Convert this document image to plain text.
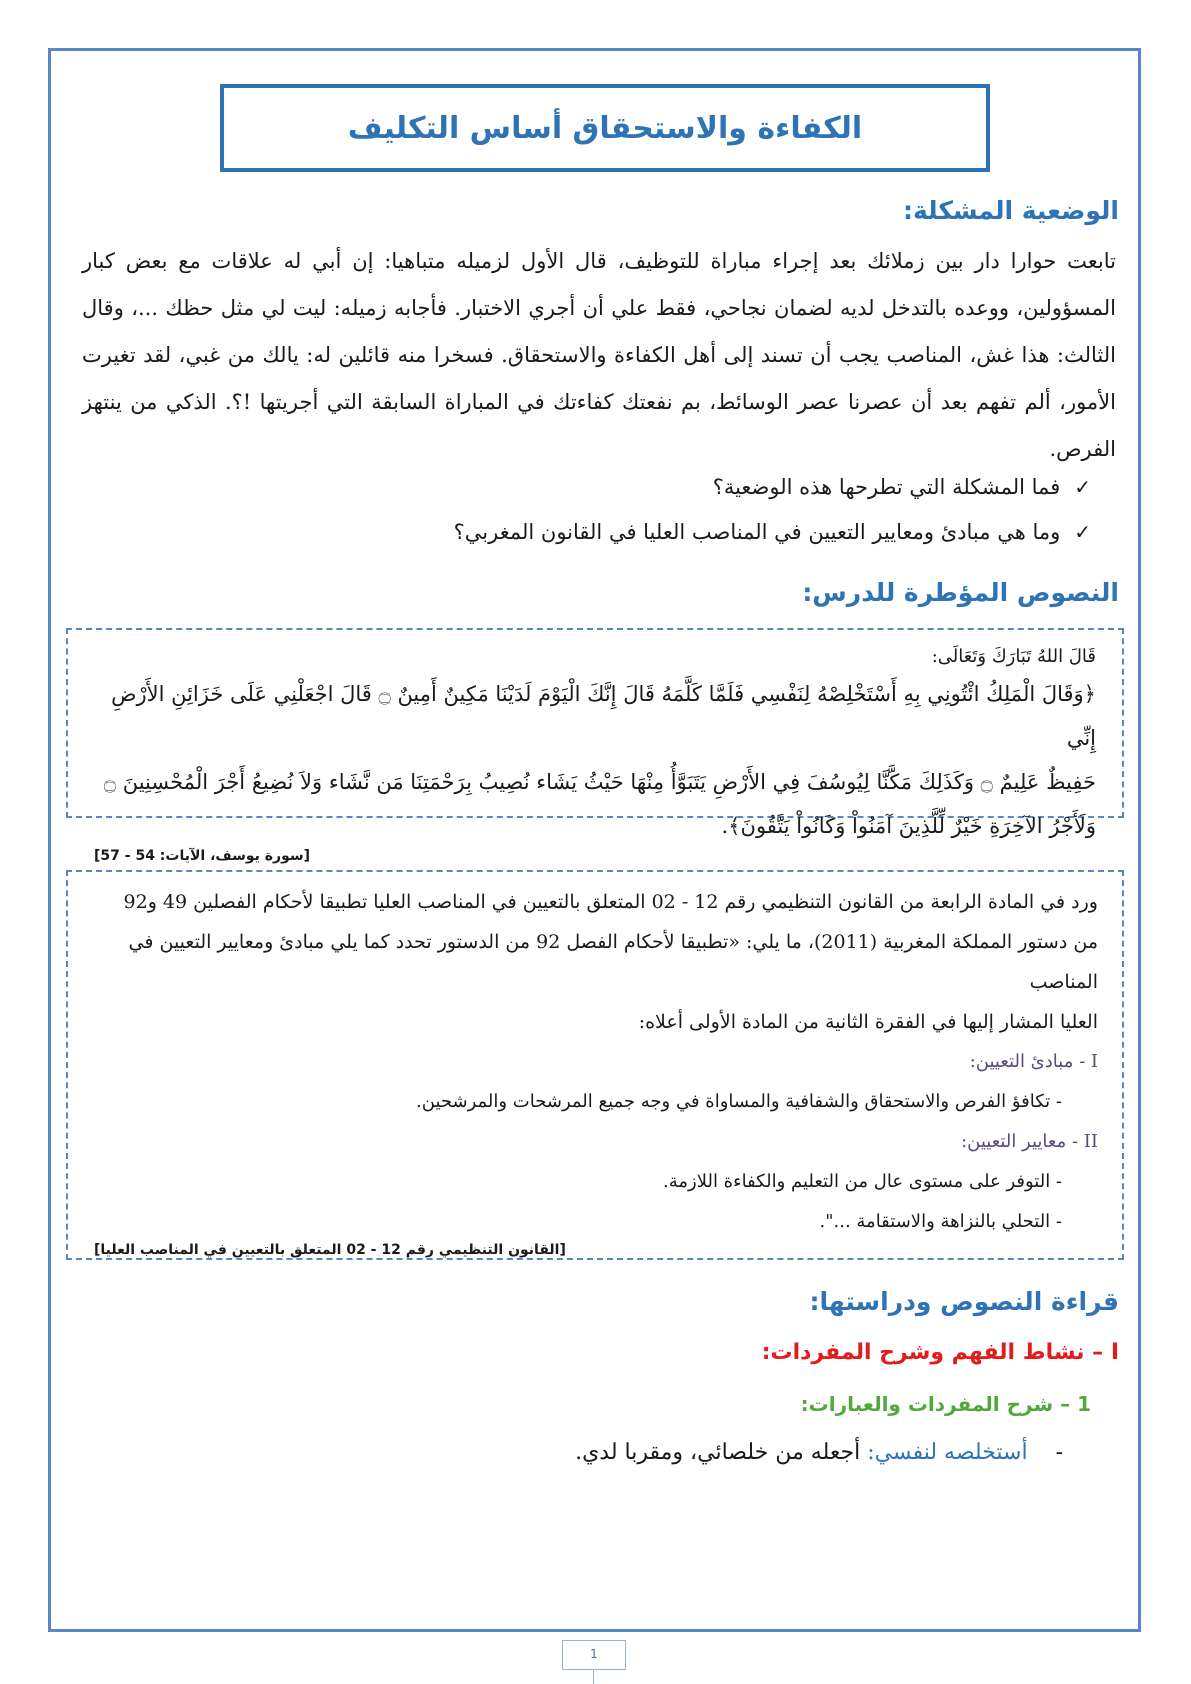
الكفاءة والاستحقاق أساس التكليف
الوضعية المشكلة:
تابعت حوارا دار بين زملائك بعد إجراء مباراة للتوظيف، قال الأول لزميله متباهيا: إن أبي له علاقات مع بعض كبار المسؤولين، ووعده بالتدخل لديه لضمان نجاحي، فقط علي أن أجري الاختبار. فأجابه زميله: ليت لي مثل حظك ...، وقال الثالث: هذا غش، المناصب يجب أن تسند إلى أهل الكفاءة والاستحقاق. فسخرا منه قائلين له: يالك من غبي، لقد تغيرت الأمور، ألم تفهم بعد أن عصرنا عصر الوسائط، بم نفعتك كفاءتك في المباراة السابقة التي أجريتها !؟. الذكي من ينتهز الفرص.
✓
فما المشكلة التي تطرحها هذه الوضعية؟
✓
وما هي مبادئ ومعايير التعيين في المناصب العليا في القانون المغربي؟
النصوص المؤطرة للدرس:
قَالَ اللهُ تَبَارَكَ وَتَعَالَى:
﴿وَقَالَ الْمَلِكُ ائْتُونِي بِهِ أَسْتَخْلِصْهُ لِنَفْسِي فَلَمَّا كَلَّمَهُ قَالَ إِنَّكَ الْيَوْمَ لَدَيْنَا مَكِينٌ أَمِينٌ ۝ قَالَ اجْعَلْنِي عَلَى خَزَائِنِ الأَرْضِ إِنِّي
حَفِيظٌ عَلِيمٌ ۝ وَكَذَلِكَ مَكَّنَّا لِيُوسُفَ فِي الأَرْضِ يَتَبَوَّأُ مِنْهَا حَيْثُ يَشَاء نُصِيبُ بِرَحْمَتِنَا مَن نَّشَاء وَلاَ نُضِيعُ أَجْرَ الْمُحْسِنِينَ ۝
وَلَأَجْرُ الآخِرَةِ خَيْرٌ لِّلَّذِينَ آمَنُواْ وَكَانُواْ يَتَّقُونَ﴾.
[سورة يوسف، الآيات: 54 - 57]
ورد في المادة الرابعة من القانون التنظيمي رقم 12 - 02 المتعلق بالتعيين في المناصب العليا تطبيقا لأحكام الفصلين 49 و92
من دستور المملكة المغربية (2011)، ما يلي: «تطبيقا لأحكام الفصل 92 من الدستور تحدد كما يلي مبادئ ومعايير التعيين في المناصب
العليا المشار إليها في الفقرة الثانية من المادة الأولى أعلاه:
I - مبادئ التعيين:
- تكافؤ الفرص والاستحقاق والشفافية والمساواة في وجه جميع المرشحات والمرشحين.
II - معايير التعيين:
- التوفر على مستوى عال من التعليم والكفاءة اللازمة.
- التحلي بالنزاهة والاستقامة ...".
[القانون التنظيمي رقم 12 - 02 المتعلق بالتعيين في المناصب العليا]
قراءة النصوص ودراستها:
I – نشاط الفهم وشرح المفردات:
1 – شرح المفردات والعبارات:
-    أستخلصه لنفسي: أجعله من خلصائي، ومقربا لدي.
1
